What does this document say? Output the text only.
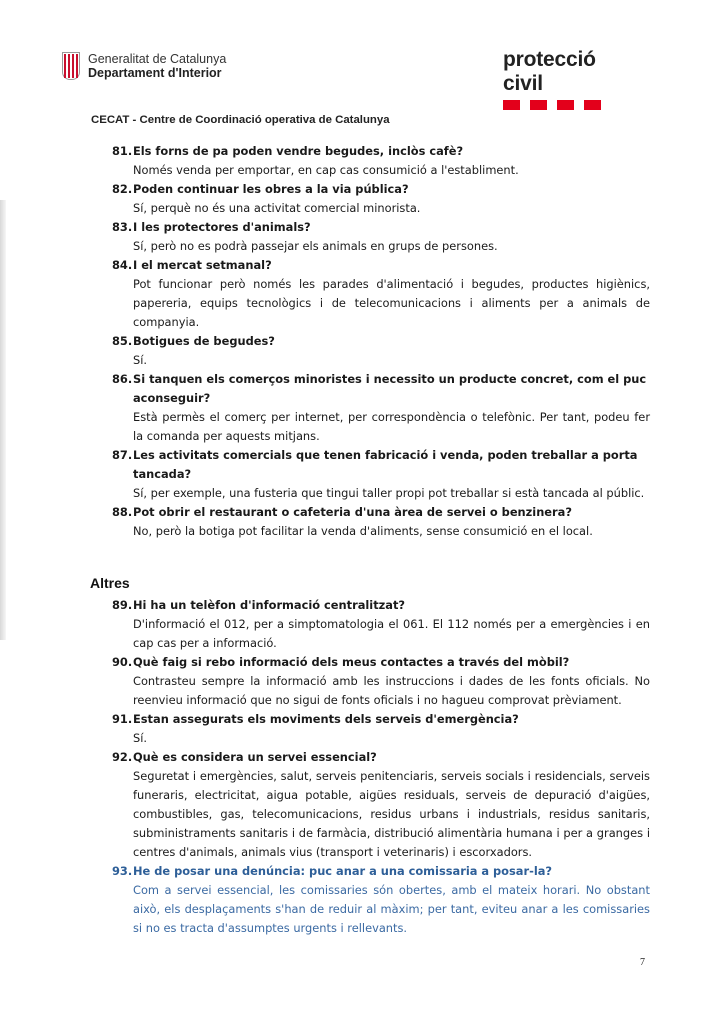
Generalitat de Catalunya
Departament d'Interior
protecció civil
CECAT - Centre de Coordinació operativa de Catalunya
81. Els forns de pa poden vendre begudes, inclòs cafè?
Només venda per emportar, en cap cas consumició a l'establiment.
82. Poden continuar les obres a la via pública?
Sí, perquè no és una activitat comercial minorista.
83. I les protectores d'animals?
Sí, però no es podrà passejar els animals en grups de persones.
84. I el mercat setmanal?
Pot funcionar però només les parades d'alimentació i begudes, productes higiènics, papereria, equips tecnològics i de telecomunicacions i aliments per a animals de companyia.
85. Botigues de begudes?
Sí.
86. Si tanquen els comerços minoristes i necessito un producte concret, com el puc aconseguir?
Està permès el comerç per internet, per correspondència o telefònic. Per tant, podeu fer la comanda per aquests mitjans.
87. Les activitats comercials que tenen fabricació i venda, poden treballar a porta tancada?
Sí, per exemple, una fusteria que tingui taller propi pot treballar si està tancada al públic.
88. Pot obrir el restaurant o cafeteria d'una àrea de servei o benzinera?
No, però la botiga pot facilitar la venda d'aliments, sense consumició en el local.
Altres
89. Hi ha un telèfon d'informació centralitzat?
D'informació el 012, per a simptomatologia el 061. El 112 només per a emergències i en cap cas per a informació.
90. Què faig si rebo informació dels meus contactes a través del mòbil?
Contrasteu sempre la informació amb les instruccions i dades de les fonts oficials. No reenvieu informació que no sigui de fonts oficials i no hagueu comprovat prèviament.
91. Estan assegurats els moviments dels serveis d'emergència?
Sí.
92. Què es considera un servei essencial?
Seguretat i emergències, salut, serveis penitenciaris, serveis socials i residencials, serveis funeraris, electricitat, aigua potable, aigües residuals, serveis de depuració d'aigües, combustibles, gas, telecomunicacions, residus urbans i industrials, residus sanitaris, subministraments sanitaris i de farmàcia, distribució alimentària humana i per a granges i centres d'animals, animals vius (transport i veterinaris) i escorxadors.
93. He de posar una denúncia: puc anar a una comissaria a posar-la?
Com a servei essencial, les comissaries són obertes, amb el mateix horari. No obstant això, els desplaçaments s'han de reduir al màxim; per tant, eviteu anar a les comissaries si no es tracta d'assumptes urgents i rellevants.
7
